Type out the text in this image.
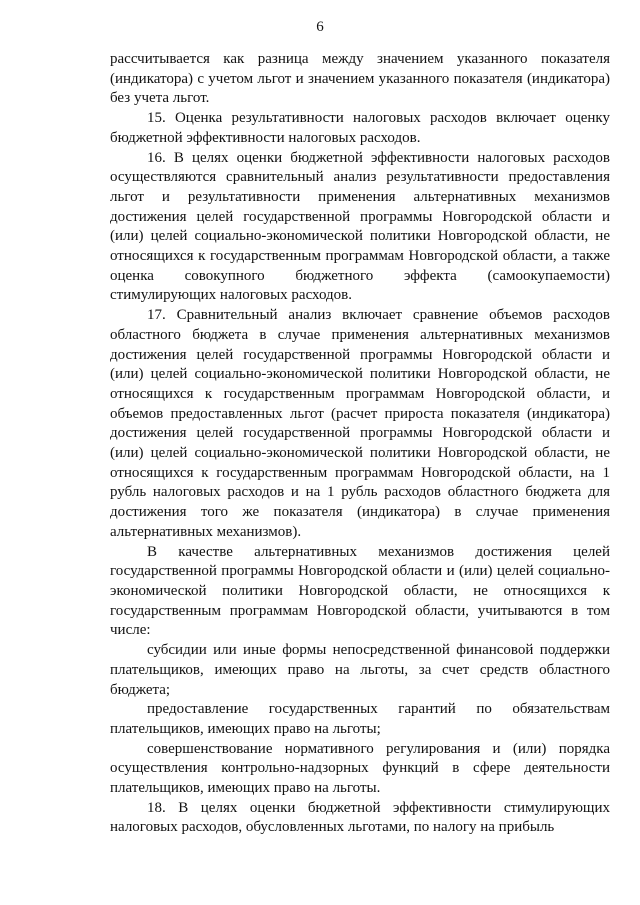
6

рассчитывается как разница между значением указанного показателя (индикатора) с учетом льгот и значением указанного показателя (индикатора) без учета льгот.

15. Оценка результативности налоговых расходов включает оценку бюджетной эффективности налоговых расходов.

16. В целях оценки бюджетной эффективности налоговых расходов осуществляются сравнительный анализ результативности предоставления льгот и результативности применения альтернативных механизмов достижения целей государственной программы Новгородской области и (или) целей социально-экономической политики Новгородской области, не относящихся к государственным программам Новгородской области, а также оценка совокупного бюджетного эффекта (самоокупаемости) стимулирующих налоговых расходов.

17. Сравнительный анализ включает сравнение объемов расходов областного бюджета в случае применения альтернативных механизмов достижения целей государственной программы Новгородской области и (или) целей социально-экономической политики Новгородской области, не относящихся к государственным программам Новгородской области, и объемов предоставленных льгот (расчет прироста показателя (индикатора) достижения целей государственной программы Новгородской области и (или) целей социально-экономической политики Новгородской области, не относящихся к государственным программам Новгородской области, на 1 рубль налоговых расходов и на 1 рубль расходов областного бюджета для достижения того же показателя (индикатора) в случае применения альтернативных механизмов).

В качестве альтернативных механизмов достижения целей государственной программы Новгородской области и (или) целей социально-экономической политики Новгородской области, не относящихся к государственным программам Новгородской области, учитываются в том числе:

субсидии или иные формы непосредственной финансовой поддержки плательщиков, имеющих право на льготы, за счет средств областного бюджета;

предоставление государственных гарантий по обязательствам плательщиков, имеющих право на льготы;

совершенствование нормативного регулирования и (или) порядка осуществления контрольно-надзорных функций в сфере деятельности плательщиков, имеющих право на льготы.

18. В целях оценки бюджетной эффективности стимулирующих налоговых расходов, обусловленных льготами, по налогу на прибыль
